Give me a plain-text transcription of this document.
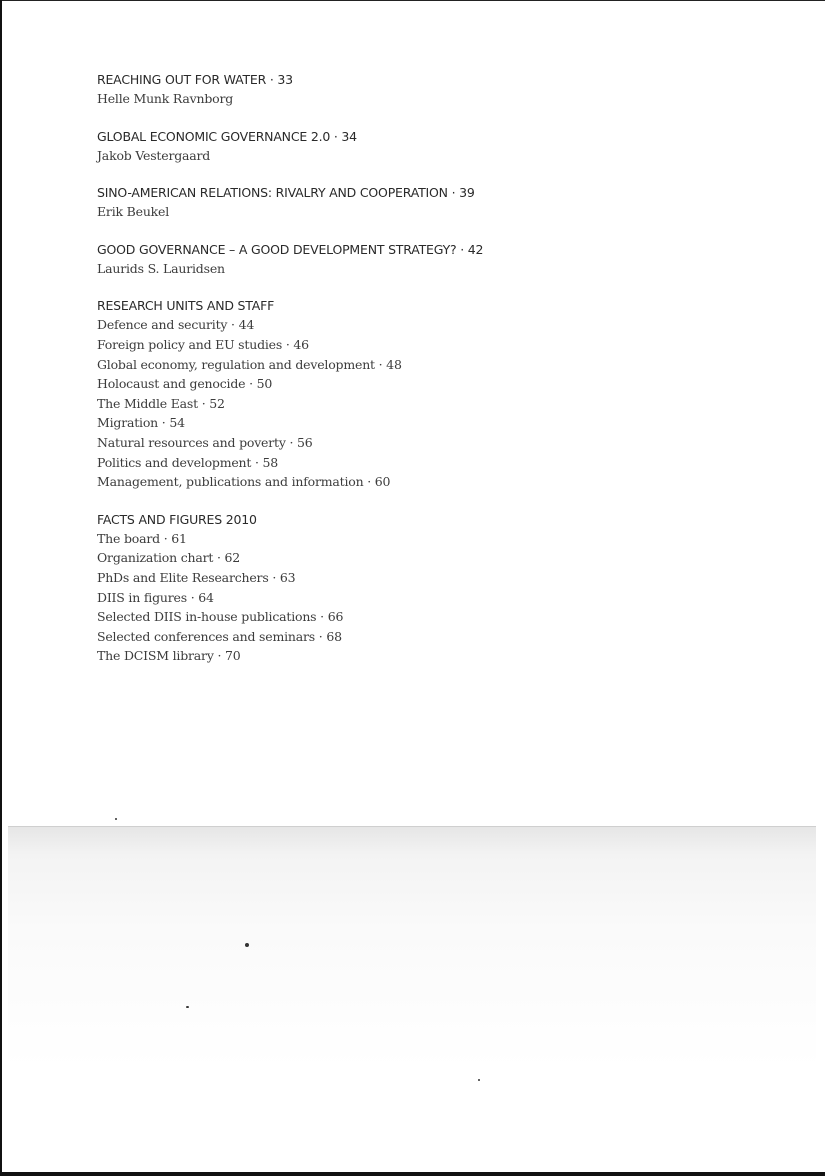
REACHING OUT FOR WATER · 33
Helle Munk Ravnborg
GLOBAL ECONOMIC GOVERNANCE 2.0 · 34
Jakob Vestergaard
SINO-AMERICAN RELATIONS: RIVALRY AND COOPERATION · 39
Erik Beukel
GOOD GOVERNANCE – A GOOD DEVELOPMENT STRATEGY? · 42
Laurids S. Lauridsen
RESEARCH UNITS AND STAFF
Defence and security · 44
Foreign policy and EU studies · 46
Global economy, regulation and development · 48
Holocaust and genocide · 50
The Middle East · 52
Migration · 54
Natural resources and poverty · 56
Politics and development · 58
Management, publications and information · 60
FACTS AND FIGURES 2010
The board · 61
Organization chart · 62
PhDs and Elite Researchers · 63
DIIS in figures · 64
Selected DIIS in-house publications · 66
Selected conferences and seminars · 68
The DCISM library · 70
